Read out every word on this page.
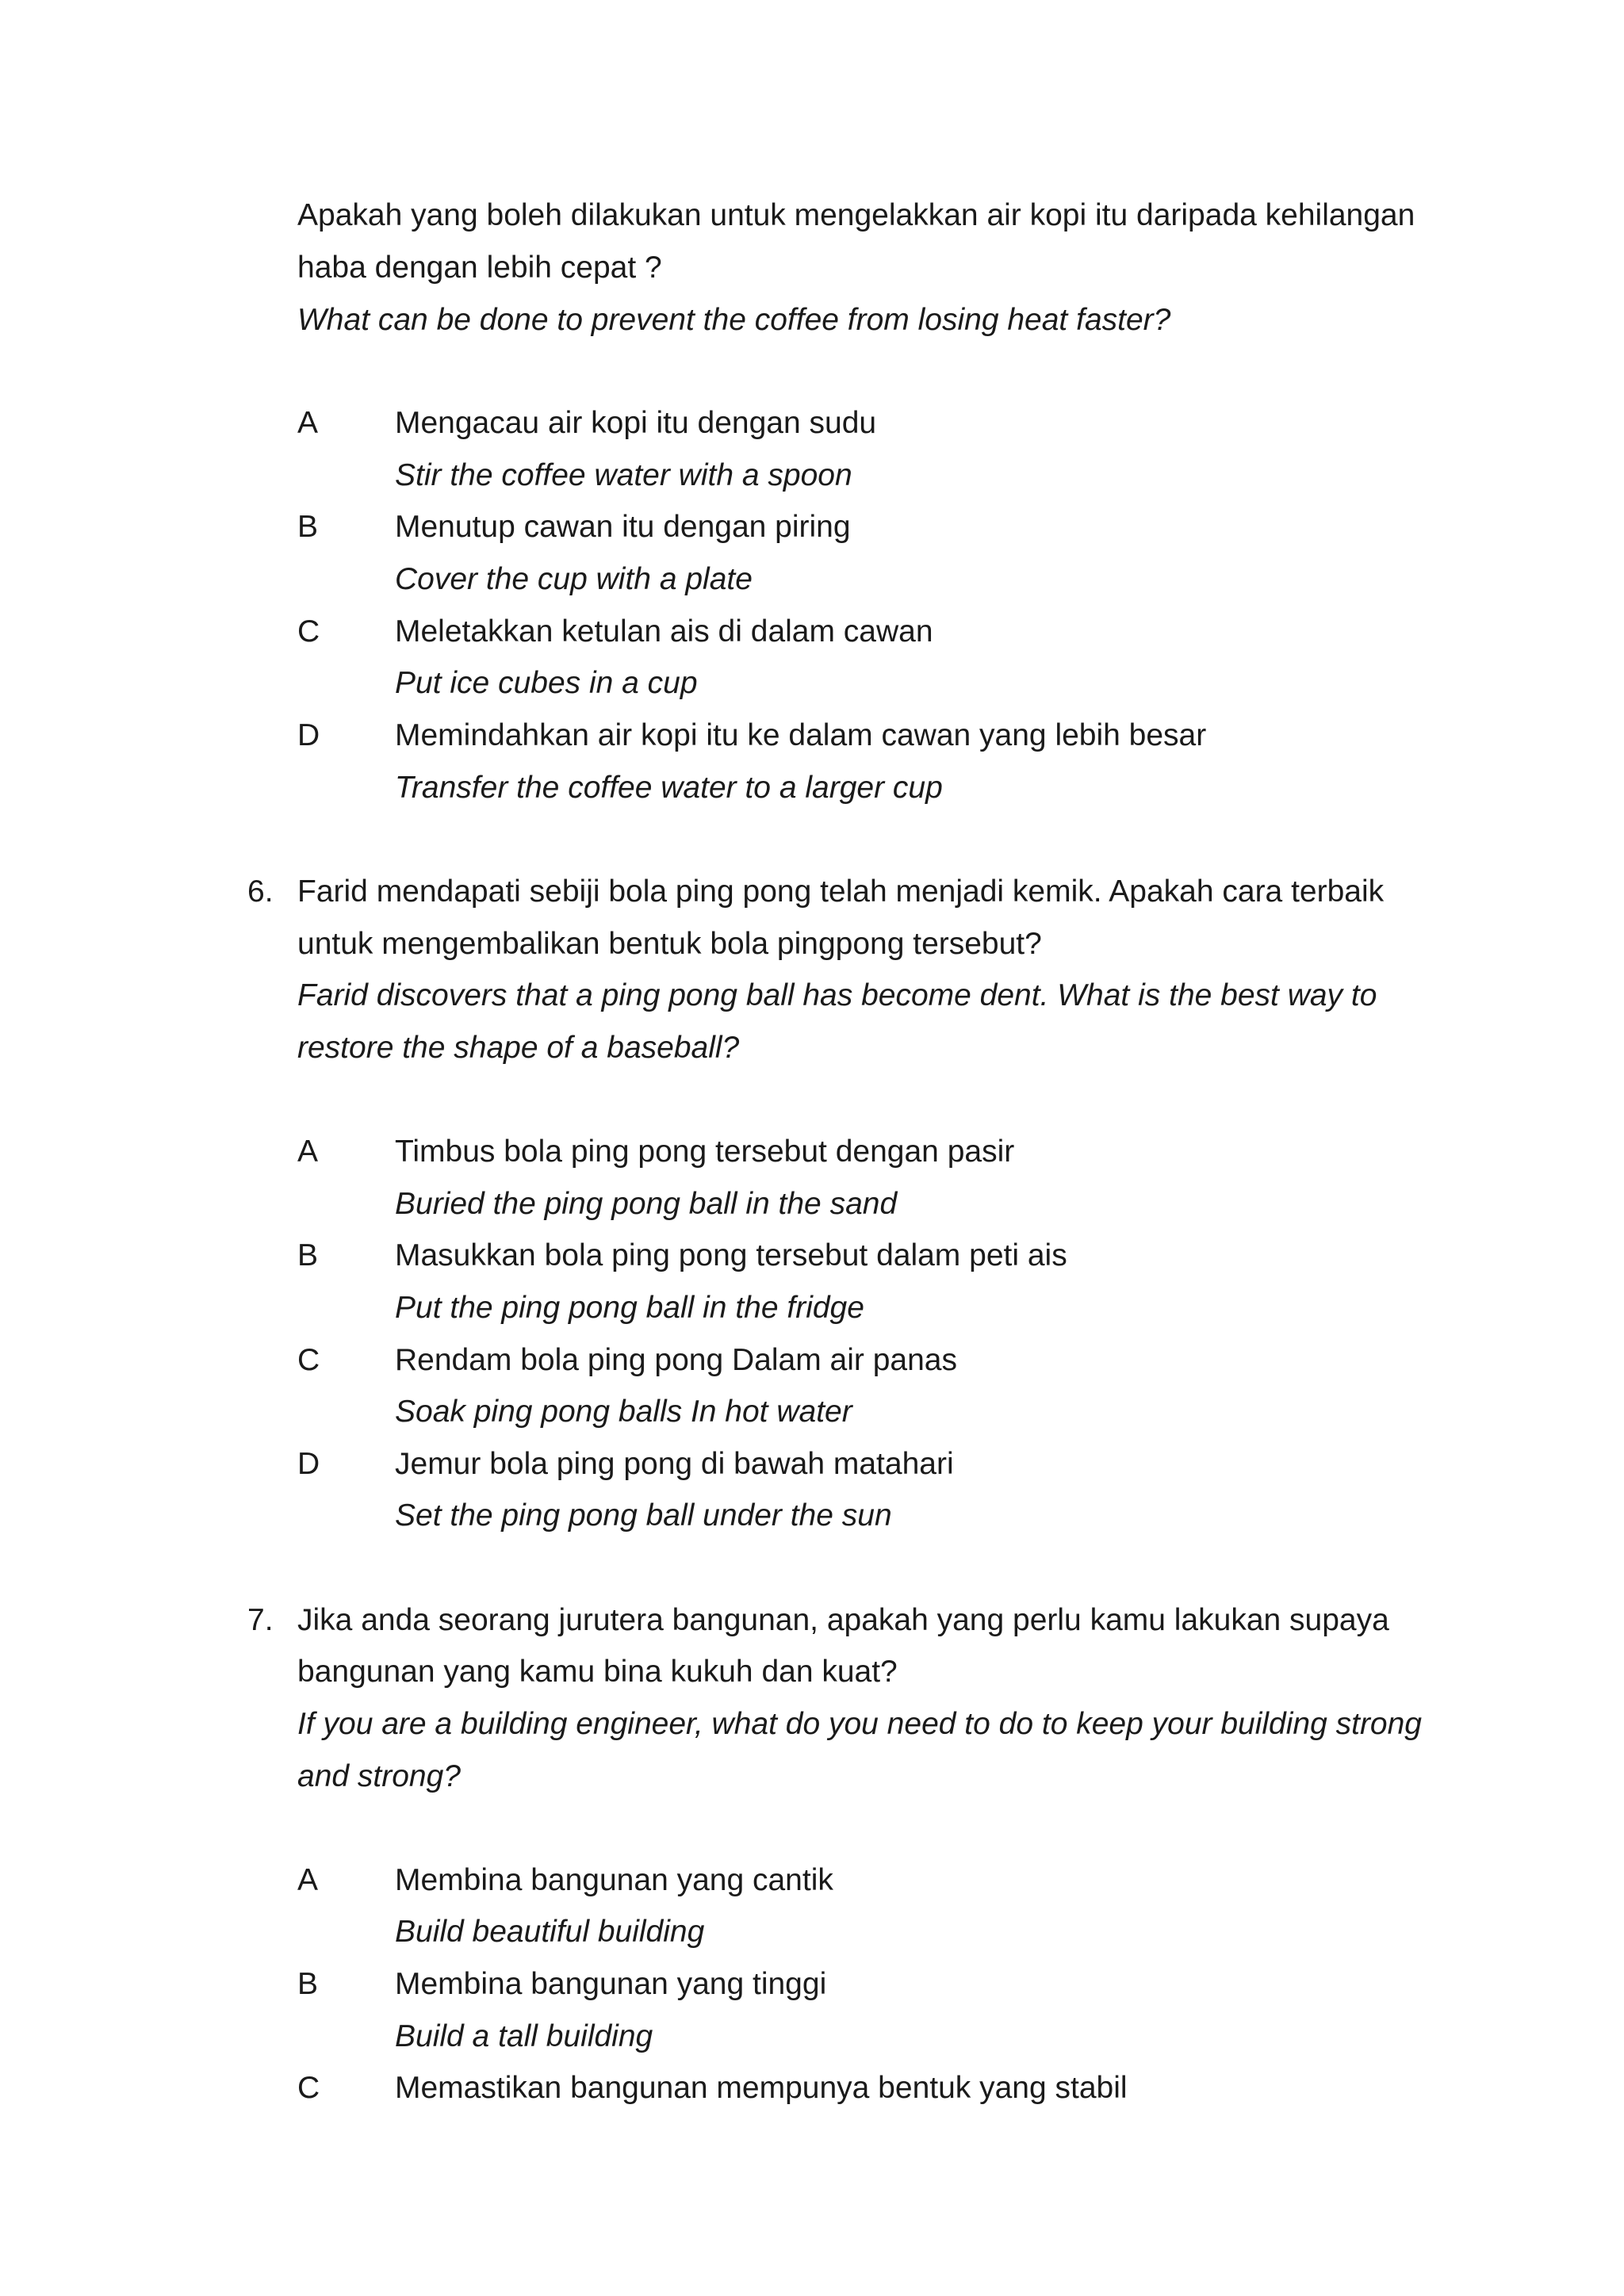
Apakah yang boleh dilakukan untuk mengelakkan air kopi itu daripada kehilangan
haba dengan lebih cepat ?
What can be done to prevent the coffee from losing heat faster?
A Mengacau air kopi itu dengan sudu
Stir the coffee water with a spoon
B Menutup cawan itu dengan piring
Cover the cup with a plate
C Meletakkan ketulan ais di dalam cawan
Put ice cubes in a cup
D Memindahkan air kopi itu ke dalam cawan yang lebih besar
Transfer the coffee water to a larger cup
6. Farid mendapati sebiji bola ping pong telah menjadi kemik. Apakah cara terbaik
untuk mengembalikan bentuk bola pingpong tersebut?
Farid discovers that a ping pong ball has become dent. What is the best way to
restore the shape of a baseball?
A Timbus bola ping pong tersebut dengan pasir
Buried the ping pong ball in the sand
B Masukkan bola ping pong tersebut dalam peti ais
Put the ping pong ball in the fridge
C Rendam bola ping pong Dalam air panas
Soak ping pong balls In hot water
D Jemur bola ping pong di bawah matahari
Set the ping pong ball under the sun
7. Jika anda seorang jurutera bangunan, apakah yang perlu kamu lakukan supaya
bangunan yang kamu bina kukuh dan kuat?
If you are a building engineer, what do you need to do to keep your building strong
and strong?
A Membina bangunan yang cantik
Build beautiful building
B Membina bangunan yang tinggi
Build a tall building
C Memastikan bangunan mempunya bentuk yang stabil
